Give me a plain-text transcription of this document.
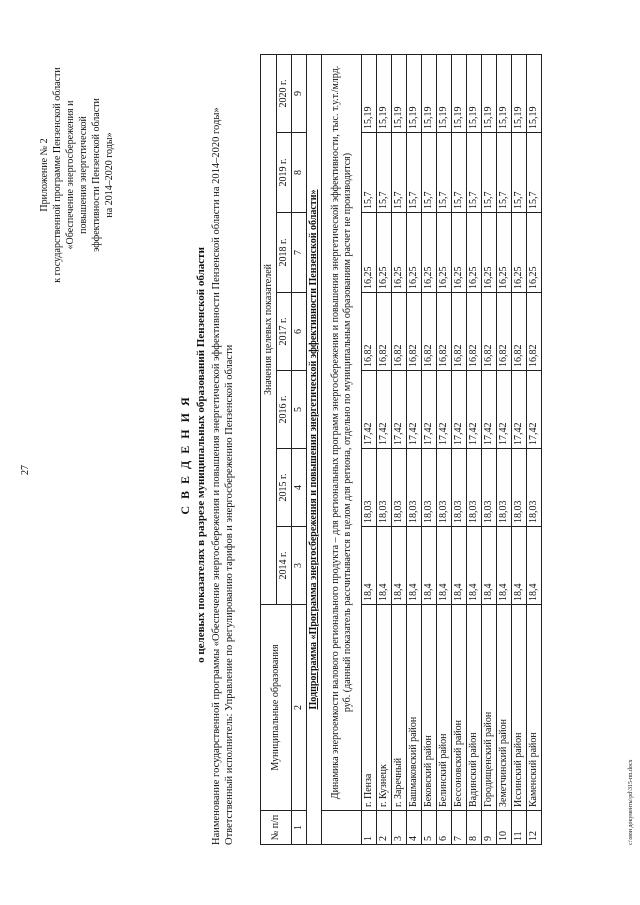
27
Приложение № 2 к государственной программе Пензенской области «Обеспечение энергосбережения и повышения энергетической эффективности Пензенской области на 2014–2020 годы»
С В Е Д Е Н И Я о целевых показателях в разрезе муниципальных образований Пензенской области Наименование государственной программы «Обеспечение энергосбережения и повышения энергетической эффективности Пензенской области на 2014–2020 годы» Ответственный исполнитель: Управление по регулированию тарифов и энергосбережению Пензенской области	№ п/п	Муниципальные образования	Значения целевых показателей						
		2014 г.	2015 г.	2016 г.	2017 г.	2018 г.	2019 г.	2020 г.
1	2	3	4	5	6	7	8	9
Подпрограмма «Программа энергосбережения и повышения энергетической эффективности Пензенской области»								
	Динамика энергоемкости валового регионального продукта – для региональных программ энергосбережения и повышения энергетической эффективности, тыс. т.у.т./млрд. руб. (данный показатель рассчитывается в целом для региона, отдельно по муниципальным образованиям расчет не производится)							
1	г. Пенза	18,4	18,03	17,42	16,82	16,25	15,7	15,19
2	г. Кузнецк	18,4	18,03	17,42	16,82	16,25	15,7	15,19
3	г. Заречный	18,4	18,03	17,42	16,82	16,25	15,7	15,19
4	Башмаковский район	18,4	18,03	17,42	16,82	16,25	15,7	15,19
5	Бековский район	18,4	18,03	17,42	16,82	16,25	15,7	15,19
6	Белинский район	18,4	18,03	17,42	16,82	16,25	15,7	15,19
7	Бессоновский район	18,4	18,03	17,42	16,82	16,25	15,7	15,19
8	Вадинский район	18,4	18,03	17,42	16,82	16,25	15,7	15,19
9	Городищенский район	18,4	18,03	17,42	16,82	16,25	15,7	15,19
10	Земетчинский район	18,4	18,03	17,42	16,82	16,25	15,7	15,19
11	Иссинский район	18,4	18,03	17,42	16,82	16,25	15,7	15,19
12	Каменский район	18,4	18,03	17,42	16,82	16,25	15,7	15,19
c:\мои документы\pd\315-пп.docx
